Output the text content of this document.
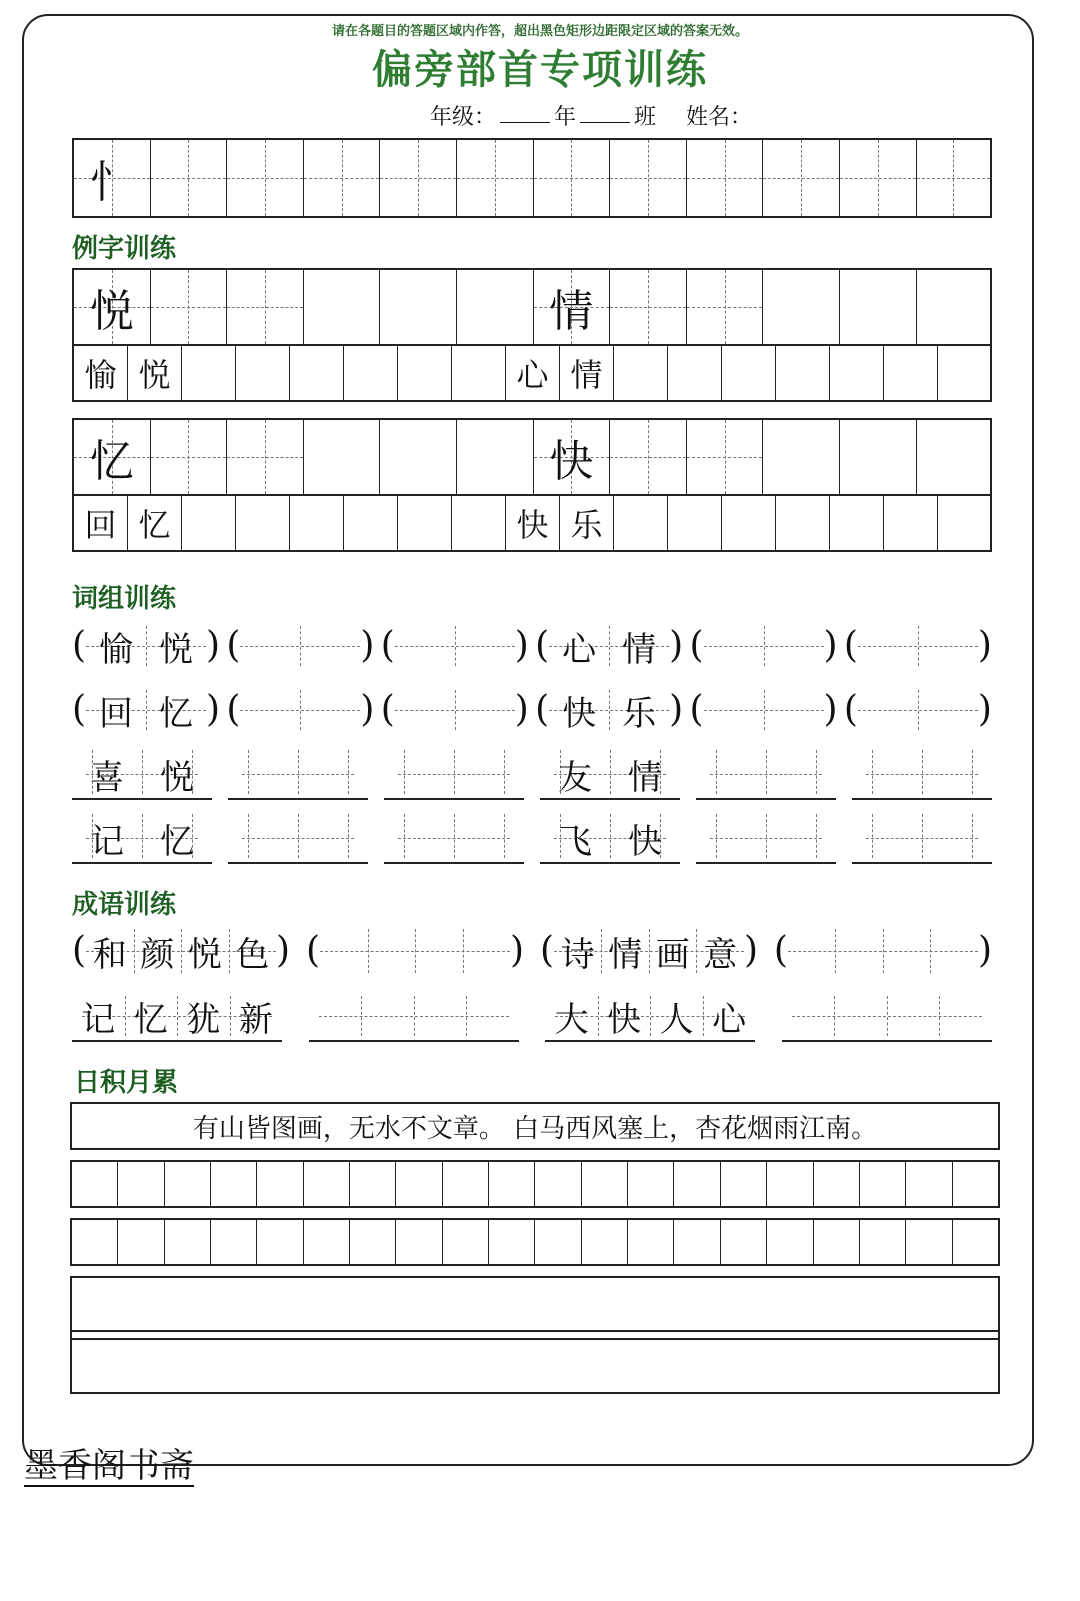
请在各题目的答题区域内作答，超出黑色矩形边距限定区域的答案无效。
偏旁部首专项训练
年级：	年	班 姓名：
忄
例字训练
悦	情
愉 悦	心 情
忆	快
回 忆	快 乐
词组训练
( 愉 悦 ) (	) (	) ( 心 情 ) (	) (	)
( 回 忆 ) (	) (	) ( 快 乐 ) (	) (	)
喜 悦	友 情
记 忆	飞 快
成语训练
( 和 颜 悦 色 ) (	) ( 诗 情 画 意 ) (	)
记 忆 犹 新	大 快 人 心
日积月累
有山皆图画，无水不文章。 白马西风塞上，杏花烟雨江南。
墨香阁书斋
